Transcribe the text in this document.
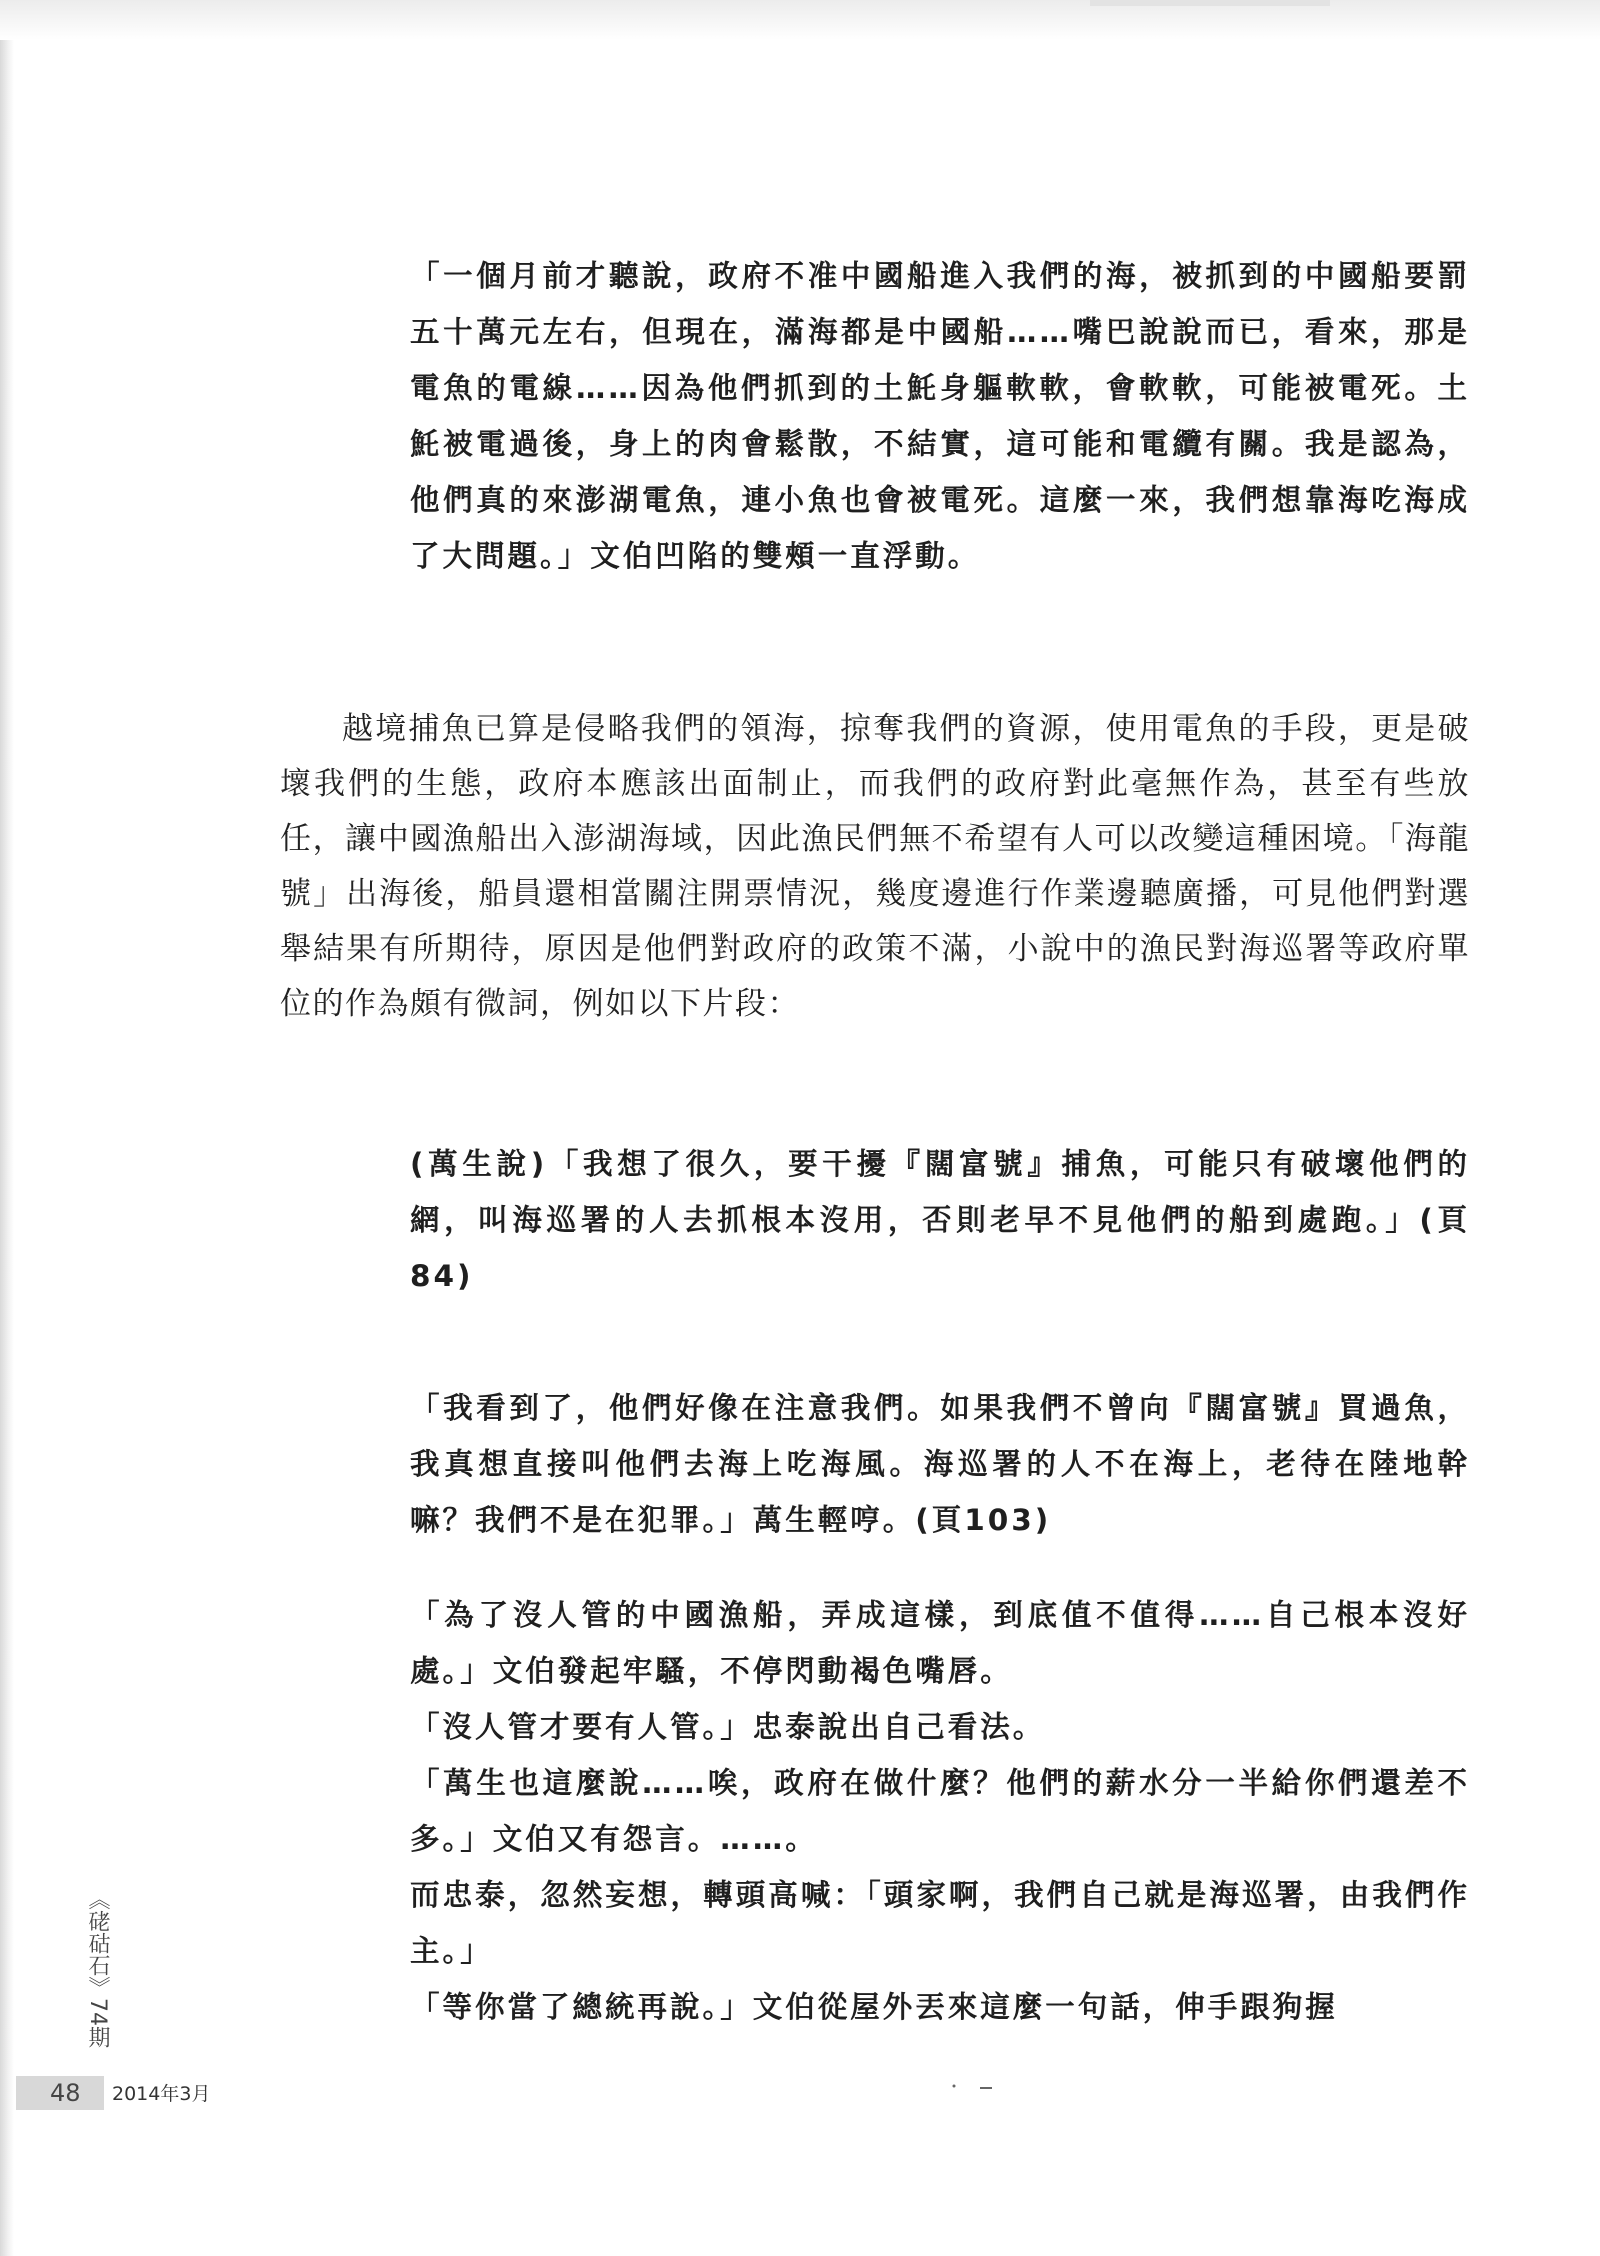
「一個月前才聽說，政府不准中國船進入我們的海，被抓到的中國船要罰五十萬元左右，但現在，滿海都是中國船……嘴巴說說而已，看來，那是電魚的電線……因為他們抓到的土魠身軀軟軟，會軟軟，可能被電死。土魠被電過後，身上的肉會鬆散，不結實，這可能和電纜有關。我是認為，他們真的來澎湖電魚，連小魚也會被電死。這麼一來，我們想靠海吃海成了大問題。」文伯凹陷的雙頰一直浮動。

越境捕魚已算是侵略我們的領海，掠奪我們的資源，使用電魚的手段，更是破壞我們的生態，政府本應該出面制止，而我們的政府對此毫無作為，甚至有些放任，讓中國漁船出入澎湖海域，因此漁民們無不希望有人可以改變這種困境。「海龍號」出海後，船員還相當關注開票情況，幾度邊進行作業邊聽廣播，可見他們對選舉結果有所期待，原因是他們對政府的政策不滿，小說中的漁民對海巡署等政府單位的作為頗有微詞，例如以下片段：

(萬生說)「我想了很久，要干擾『闊富號』捕魚，可能只有破壞他們的網，叫海巡署的人去抓根本沒用，否則老早不見他們的船到處跑。」(頁84)

「我看到了，他們好像在注意我們。如果我們不曾向『闊富號』買過魚，我真想直接叫他們去海上吃海風。海巡署的人不在海上，老待在陸地幹嘛？我們不是在犯罪。」萬生輕哼。(頁103)

「為了沒人管的中國漁船，弄成這樣，到底值不值得……自己根本沒好處。」文伯發起牢騷，不停閃動褐色嘴唇。

「沒人管才要有人管。」忠泰說出自己看法。

「萬生也這麼說……唉，政府在做什麼？他們的薪水分一半給你們還差不多。」文伯又有怨言。……。

而忠泰，忽然妄想，轉頭高喊：「頭家啊，我們自己就是海巡署，由我們作主。」

「等你當了總統再說。」文伯從屋外丟來這麼一句話，伸手跟狗握

《硓𥑮石》74期
48 2014年3月
